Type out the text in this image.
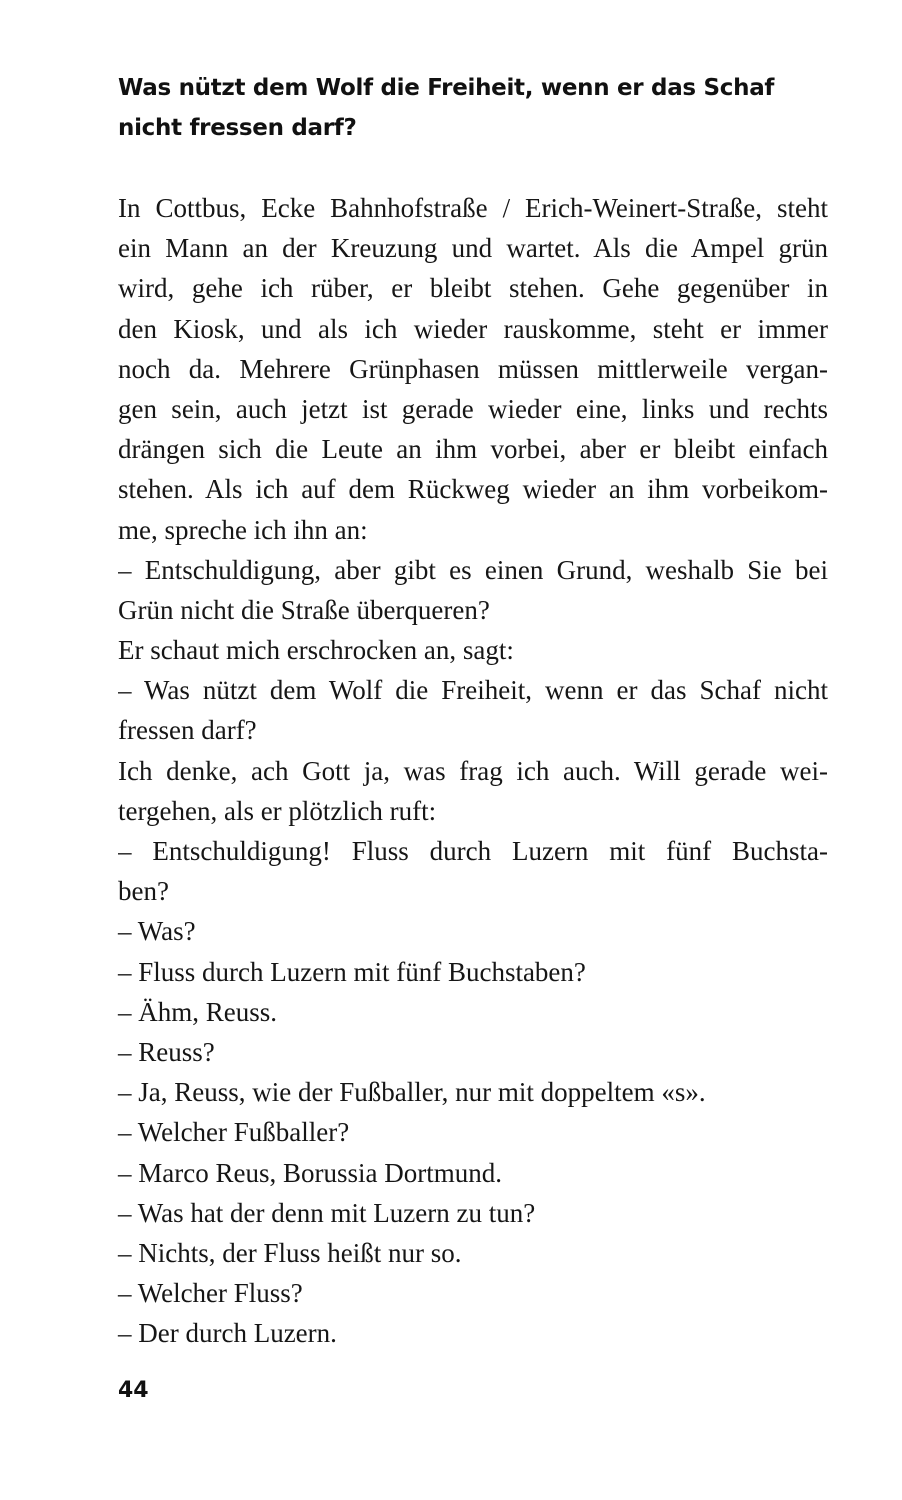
Was nützt dem Wolf die Freiheit, wenn er das Schaf
nicht fressen darf?
In Cottbus, Ecke Bahnhofstraße / Erich-Weinert-Straße, steht
ein Mann an der Kreuzung und wartet. Als die Ampel grün
wird, gehe ich rüber, er bleibt stehen. Gehe gegenüber in
den Kiosk, und als ich wieder rauskomme, steht er immer
noch da. Mehrere Grünphasen müssen mittlerweile vergan-
gen sein, auch jetzt ist gerade wieder eine, links und rechts
drängen sich die Leute an ihm vorbei, aber er bleibt einfach
stehen. Als ich auf dem Rückweg wieder an ihm vorbeikom-
me, spreche ich ihn an:
– Entschuldigung, aber gibt es einen Grund, weshalb Sie bei
Grün nicht die Straße überqueren?
Er schaut mich erschrocken an, sagt:
– Was nützt dem Wolf die Freiheit, wenn er das Schaf nicht
fressen darf?
Ich denke, ach Gott ja, was frag ich auch. Will gerade wei-
tergehen, als er plötzlich ruft:
– Entschuldigung! Fluss durch Luzern mit fünf Buchsta-
ben?
– Was?
– Fluss durch Luzern mit fünf Buchstaben?
– Ähm, Reuss.
– Reuss?
– Ja, Reuss, wie der Fußballer, nur mit doppeltem «s».
– Welcher Fußballer?
– Marco Reus, Borussia Dortmund.
– Was hat der denn mit Luzern zu tun?
– Nichts, der Fluss heißt nur so.
– Welcher Fluss?
– Der durch Luzern.
44
